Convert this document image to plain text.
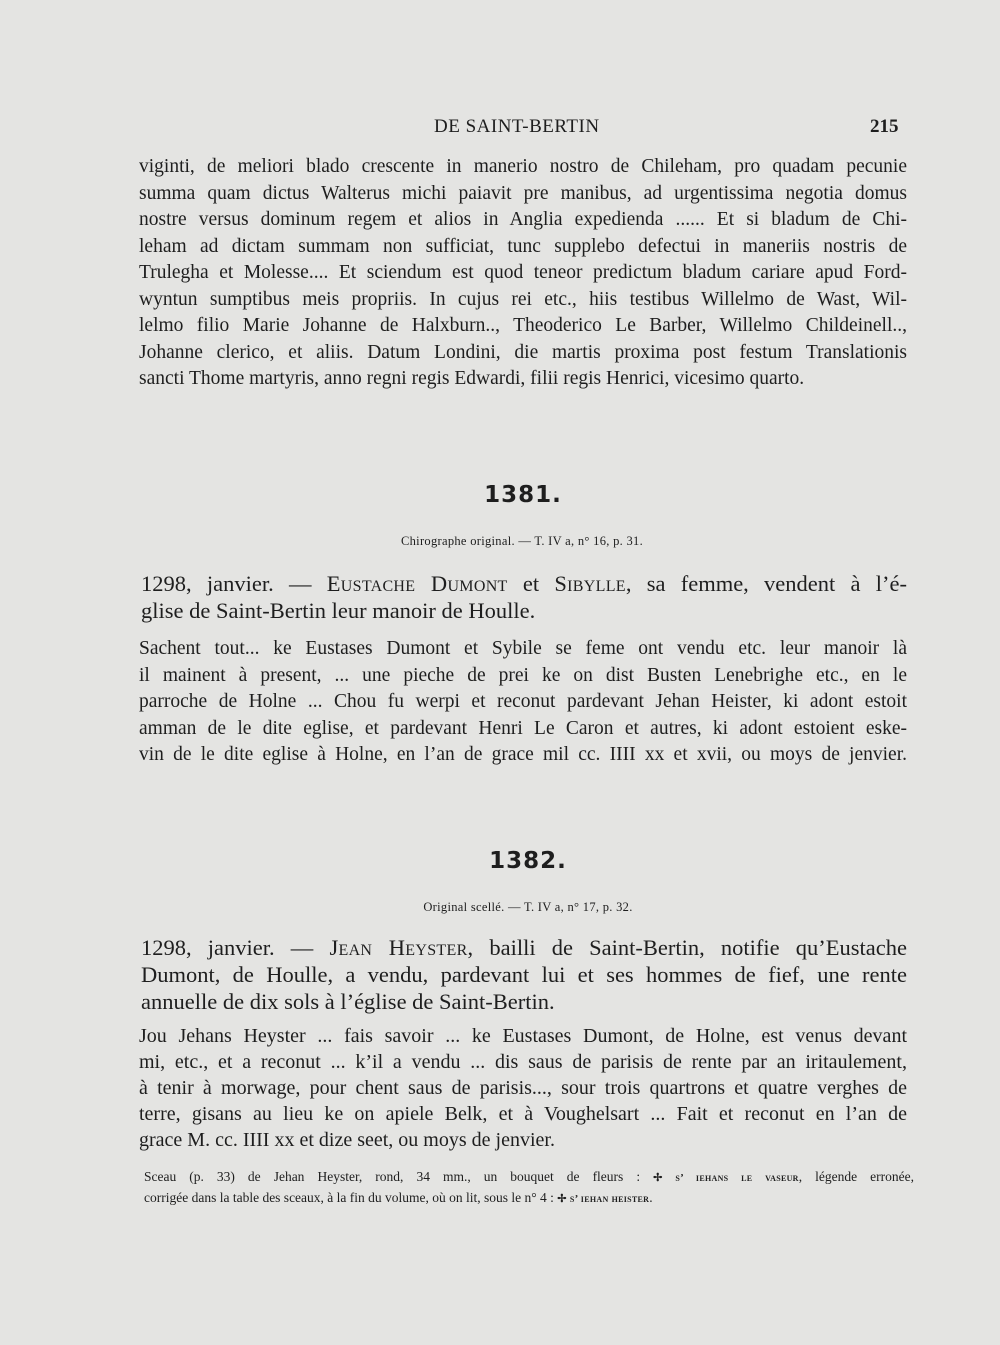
DE SAINT-BERTIN	215

viginti, de meliori blado crescente in manerio nostro de Chileham, pro quadam pecunie
summa quam dictus Walterus michi paiavit pre manibus, ad urgentissima negotia domus
nostre versus dominum regem et alios in Anglia expedienda ...... Et si bladum de Chi-
leham ad dictam summam non sufficiat, tunc supplebo defectui in maneriis nostris de
Trulegha et Molesse.... Et sciendum est quod teneor predictum bladum cariare apud Ford-
wyntun sumptibus meis propriis. In cujus rei etc., hiis testibus Willelmo de Wast, Wil-
lelmo filio Marie Johanne de Halxburn.., Theoderico Le Barber, Willelmo Childeinell..,
Johanne clerico, et aliis. Datum Londini, die martis proxima post festum Translationis
sancti Thome martyris, anno regni regis Edwardi, filii regis Henrici, vicesimo quarto.

1381.
Chirographe original. — T. IV a, n° 16, p. 31.
1298, janvier. — Eustache Dumont et Sibylle, sa femme, vendent à l’é-
glise de Saint-Bertin leur manoir de Houlle.

Sachent tout... ke Eustases Dumont et Sybile se feme ont vendu etc. leur manoir là
il mainent à present, ... une pieche de prei ke on dist Busten Lenebrighe etc., en le
parroche de Holne ... Chou fu werpi et reconut pardevant Jehan Heister, ki adont estoit
amman de le dite eglise, et pardevant Henri Le Caron et autres, ki adont estoient eske-
vin de le dite eglise à Holne, en l’an de grace mil cc. IIII xx et xvii, ou moys de jenvier.

1382.
Original scellé. — T. IV a, n° 17, p. 32.
1298, janvier. — Jean Heyster, bailli de Saint-Bertin, notifie qu’Eustache
Dumont, de Houlle, a vendu, pardevant lui et ses hommes de fief, une rente
annuelle de dix sols à l’église de Saint-Bertin.

Jou Jehans Heyster ... fais savoir ... ke Eustases Dumont, de Holne, est venus devant
mi, etc., et a reconut ... k’il a vendu ... dis saus de parisis de rente par an iritaulement,
à tenir à morwage, pour chent saus de parisis..., sour trois quartrons et quatre verghes de
terre, gisans au lieu ke on apiele Belk, et à Voughelsart ... Fait et reconut en l’an de
grace M. cc. IIII xx et dize seet, ou moys de jenvier.

Sceau (p. 33) de Jehan Heyster, rond, 34 mm., un bouquet de fleurs : ✢ s’ iehans le vaseur, légende erronée,
corrigée dans la table des sceaux, à la fin du volume, où on lit, sous le n° 4 : ✢ s’ iehan heister.
